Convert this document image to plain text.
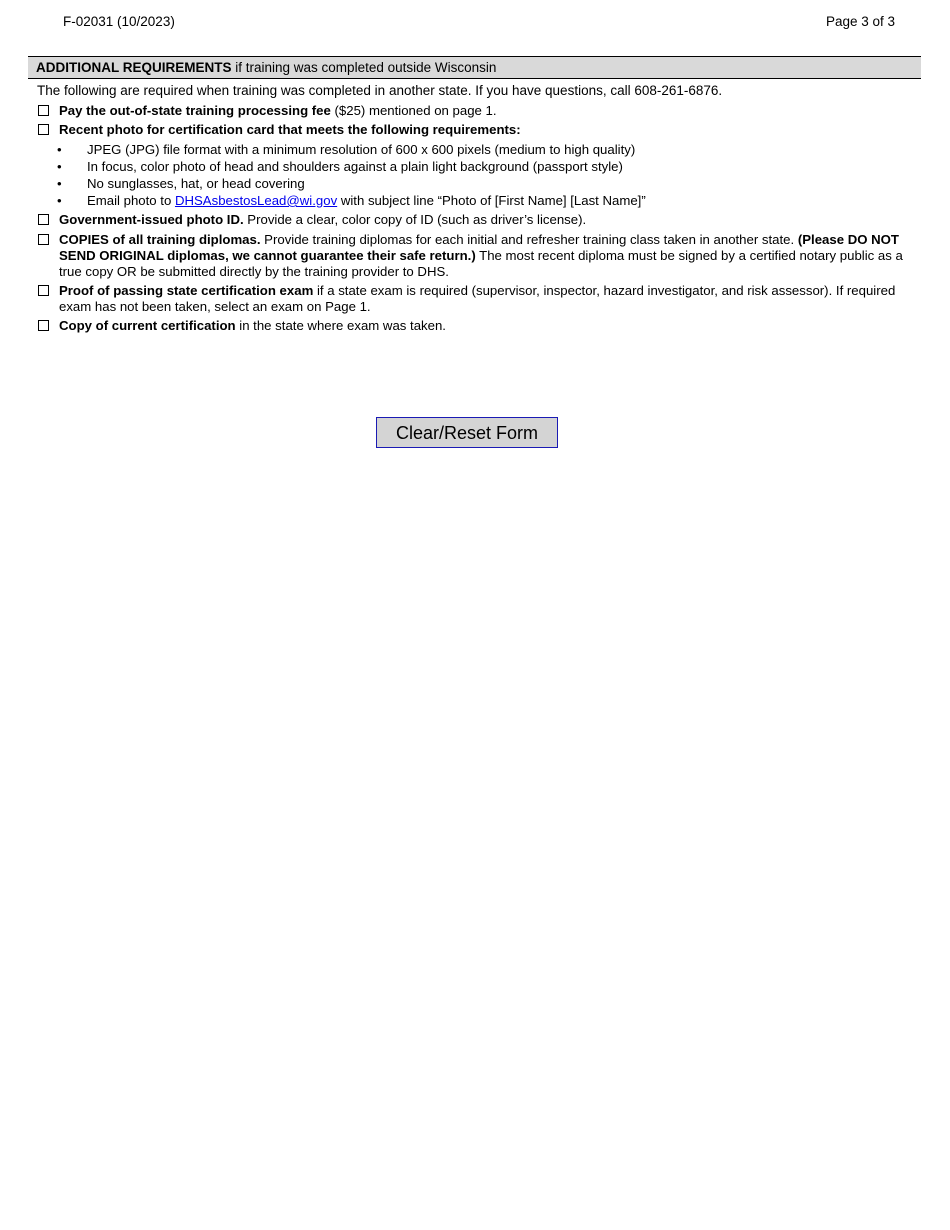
F-02031 (10/2023)	Page 3 of 3
ADDITIONAL REQUIREMENTS if training was completed outside Wisconsin
The following are required when training was completed in another state. If you have questions, call 608-261-6876.
Pay the out-of-state training processing fee ($25) mentioned on page 1.
Recent photo for certification card that meets the following requirements:
• JPEG (JPG) file format with a minimum resolution of 600 x 600 pixels (medium to high quality)
• In focus, color photo of head and shoulders against a plain light background (passport style)
• No sunglasses, hat, or head covering
• Email photo to DHSAsbestosLead@wi.gov with subject line “Photo of [First Name] [Last Name]”
Government-issued photo ID. Provide a clear, color copy of ID (such as driver’s license).
COPIES of all training diplomas. Provide training diplomas for each initial and refresher training class taken in another state. (Please DO NOT SEND ORIGINAL diplomas, we cannot guarantee their safe return.) The most recent diploma must be signed by a certified notary public as a true copy OR be submitted directly by the training provider to DHS.
Proof of passing state certification exam if a state exam is required (supervisor, inspector, hazard investigator, and risk assessor). If required exam has not been taken, select an exam on Page 1.
Copy of current certification in the state where exam was taken.
Clear/Reset Form
